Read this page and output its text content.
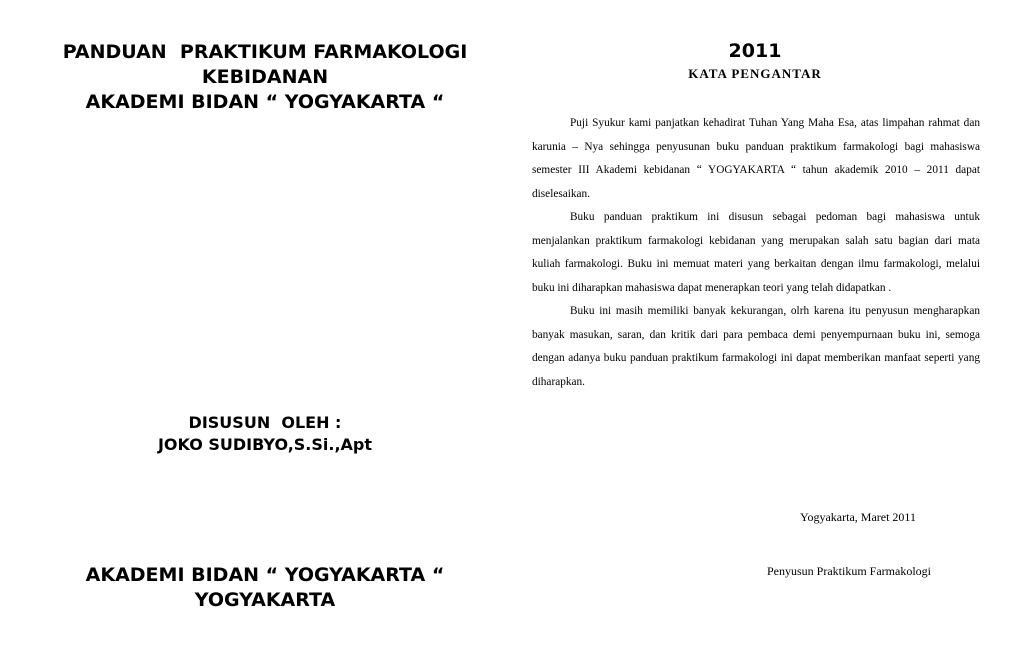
PANDUAN  PRAKTIKUM FARMAKOLOGI
KEBIDANAN
AKADEMI BIDAN “ YOGYAKARTA “
DISUSUN  OLEH :
JOKO SUDIBYO,S.Si.,Apt
AKADEMI BIDAN “ YOGYAKARTA “
YOGYAKARTA
2011
KATA PENGANTAR

Puji Syukur kami panjatkan kehadirat Tuhan Yang Maha Esa, atas limpahan rahmat dan karunia – Nya sehingga penyusunan buku panduan praktikum farmakologi bagi mahasiswa semester III Akademi kebidanan “ YOGYAKARTA “ tahun akademik 2010 – 2011 dapat diselesaikan.

Buku panduan praktikum ini disusun sebagai pedoman bagi mahasiswa untuk menjalankan praktikum farmakologi kebidanan yang merupakan salah satu bagian dari mata kuliah farmakologi. Buku ini memuat materi yang berkaitan dengan ilmu farmakologi, melalui buku ini diharapkan mahasiswa dapat menerapkan teori yang telah didapatkan .

Buku ini masih memiliki banyak kekurangan, olrh karena itu penyusun mengharapkan banyak masukan, saran, dan kritik dari para pembaca demi penyempurnaan buku ini, semoga dengan adanya buku panduan praktikum farmakologi ini dapat memberikan manfaat seperti yang diharapkan.

Yogyakarta, Maret 2011
Penyusun Praktikum Farmakologi
